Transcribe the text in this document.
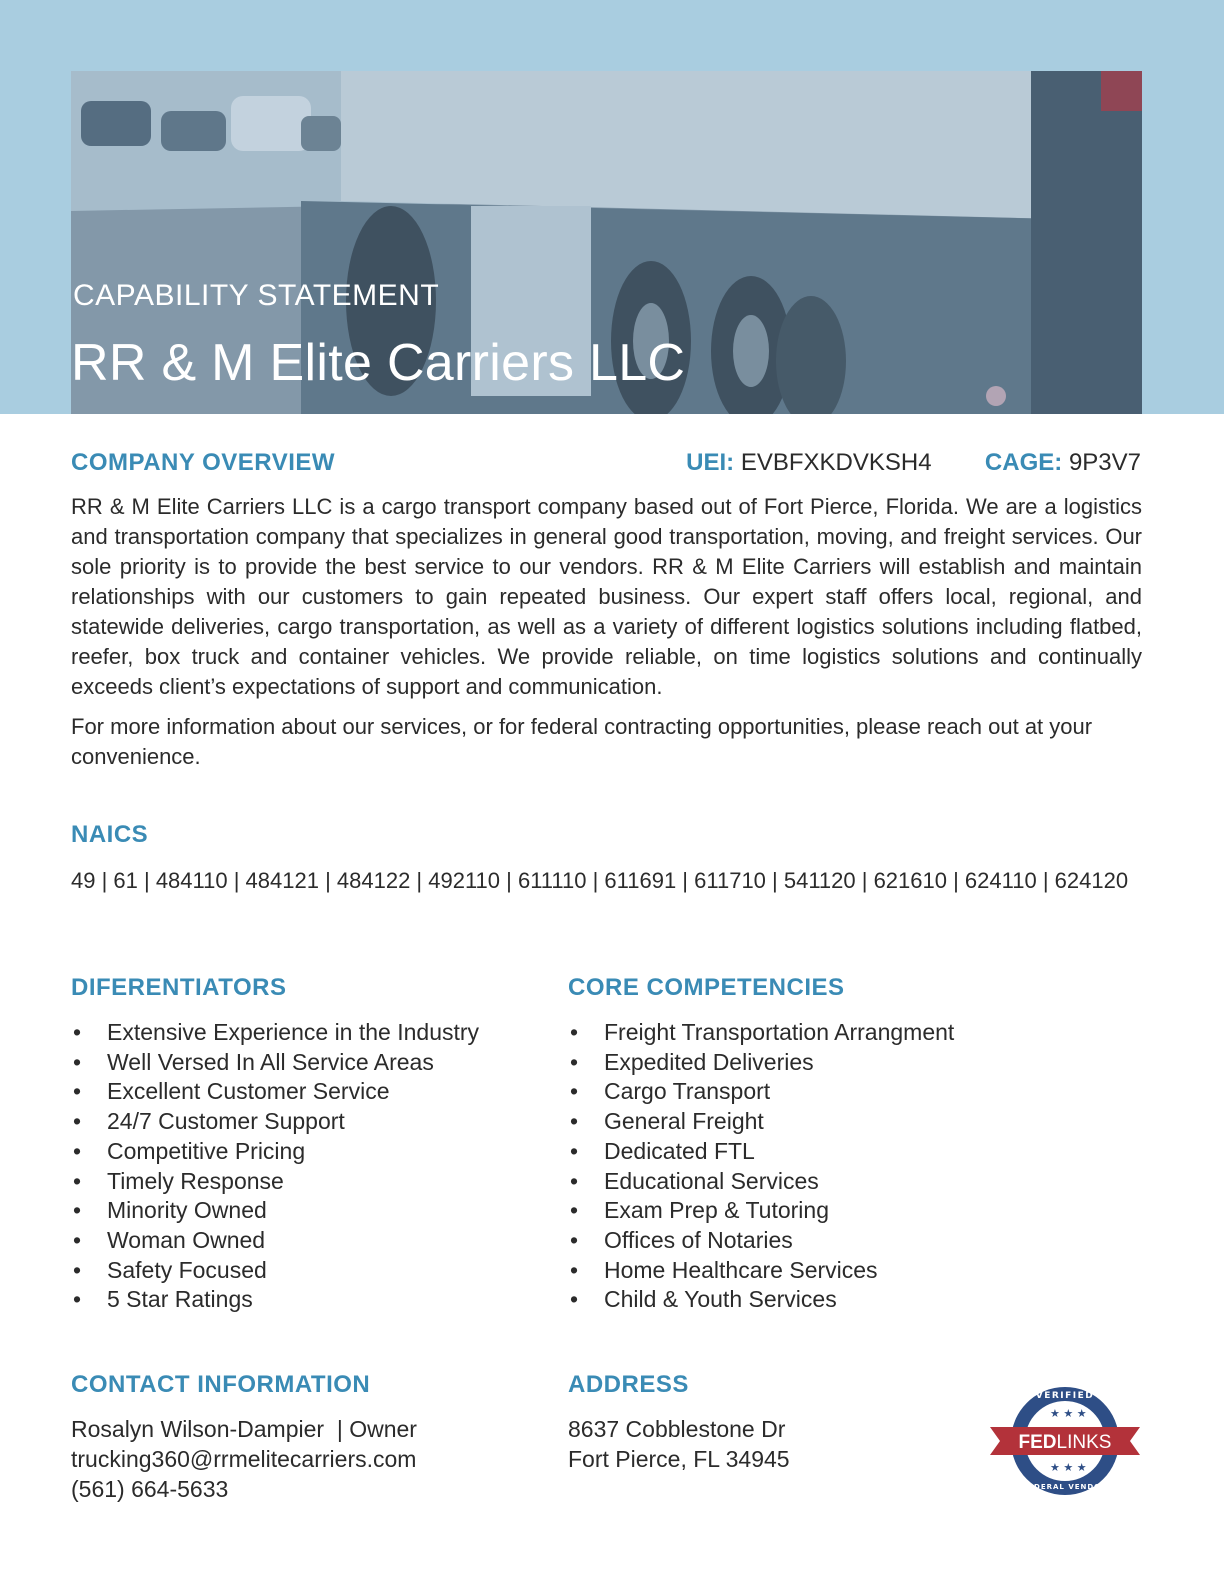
CAPABILITY STATEMENT
RR & M Elite Carriers LLC
COMPANY OVERVIEW	UEI: EVBFXKDVKSH4 CAGE: 9P3V7

RR & M Elite Carriers LLC is a cargo transport company based out of Fort Pierce, Florida. We are a logistics and transportation company that specializes in general good transportation, moving, and freight services. Our sole priority is to provide the best service to our vendors. RR & M Elite Carriers will establish and maintain relationships with our customers to gain repeated business. Our expert staff offers local, regional, and statewide deliveries, cargo transportation, as well as a variety of different logistics solutions including flatbed, reefer, box truck and container vehicles. We provide reliable, on time logistics solutions and continually exceeds client’s expectations of support and communication.

For more information about our services, or for federal contracting opportunities, please reach out at your convenience.

NAICS

49 | 61 | 484110 | 484121 | 484122 | 492110 | 611110 | 611691 | 611710 | 541120 | 621610 | 624110 | 624120

DIFERENTIATORS
• Extensive Experience in the Industry
• Well Versed In All Service Areas
• Excellent Customer Service
• 24/7 Customer Support
• Competitive Pricing
• Timely Response
• Minority Owned
• Woman Owned
• Safety Focused
• 5 Star Ratings
CORE COMPETENCIES
• Freight Transportation Arrangment
• Expedited Deliveries
• Cargo Transport
• General Freight
• Dedicated FTL
• Educational Services
• Exam Prep & Tutoring
• Offices of Notaries
• Home Healthcare Services
• Child & Youth Services
CONTACT INFORMATION
Rosalyn Wilson-Dampier  | Owner
trucking360@rrmelitecarriers.com
(561) 664-5633
ADDRESS
8637 Cobblestone Dr
Fort Pierce, FL 34945
VERIFIED
★ ★ ★
FEDLINKS
★ ★ ★
FEDERAL VENDOR
